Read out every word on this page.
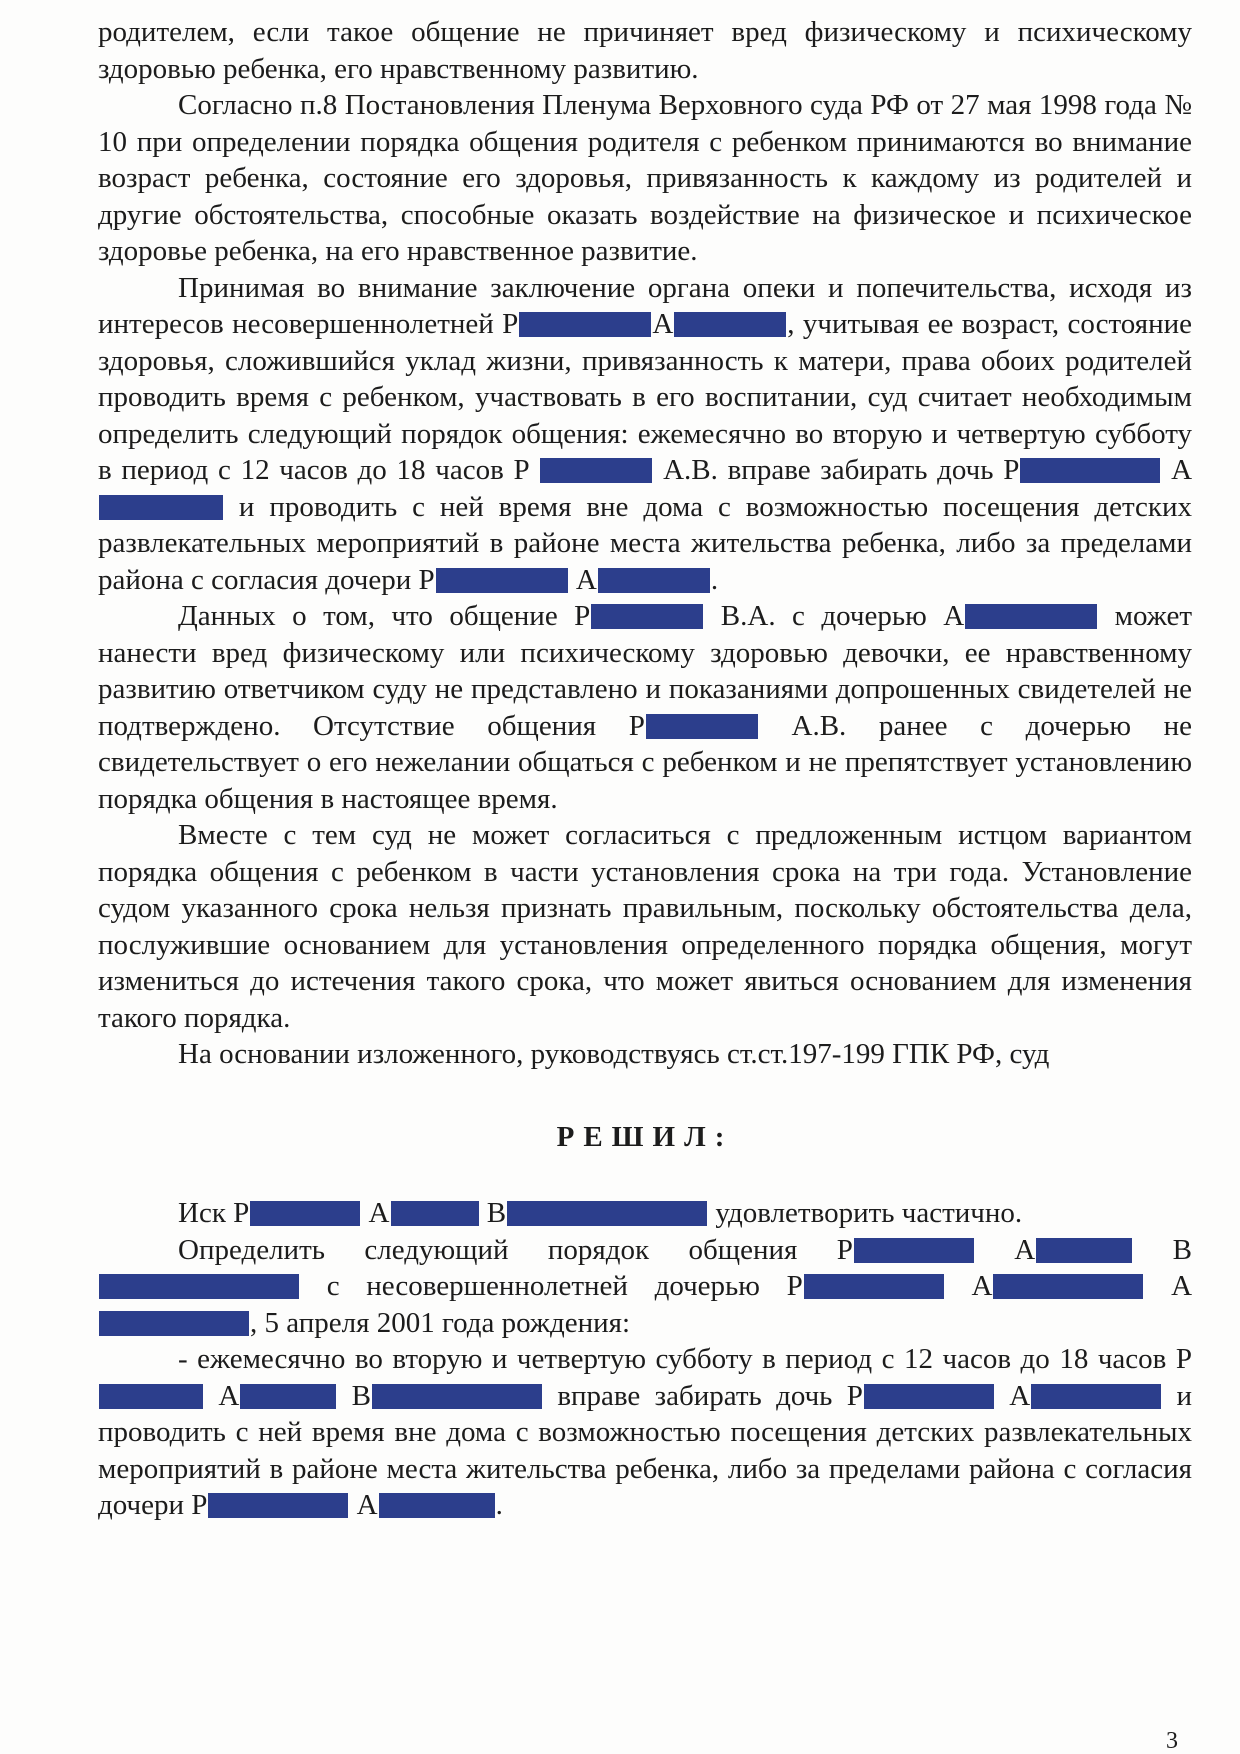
родителем, если такое общение не причиняет вред физическому и психическому здоровью ребенка, его нравственному развитию.

Согласно п.8 Постановления Пленума Верховного суда РФ от 27 мая 1998 года № 10 при определении порядка общения родителя с ребенком принимаются во внимание возраст ребенка, состояние его здоровья, привязанность к каждому из родителей и другие обстоятельства, способные оказать воздействие на физическое и психическое здоровье ребенка, на его нравственное развитие.

Принимая во внимание заключение органа опеки и попечительства, исходя из интересов несовершеннолетней Р	А	, учитывая ее возраст, состояние здоровья, сложившийся уклад жизни, привязанность к матери, права обоих родителей проводить время с ребенком, участвовать в его воспитании, суд считает необходимым определить следующий порядок общения: ежемесячно во вторую и четвертую субботу в период с 12 часов до 18 часов Р	А.В. вправе забирать дочь Р	А и проводить с ней время вне дома с возможностью посещения детских развлекательных мероприятий в районе места жительства ребенка, либо за пределами района с согласия дочери Р	А	.

Данных о том, что общение Р	В.А. с дочерью А	может нанести вред физическому или психическому здоровью девочки, ее нравственному развитию ответчиком суду не представлено и показаниями допрошенных свидетелей не подтверждено. Отсутствие общения Р	А.В. ранее с дочерью не свидетельствует о его нежелании общаться с ребенком и не препятствует установлению порядка общения в настоящее время.

Вместе с тем суд не может согласиться с предложенным истцом вариантом порядка общения с ребенком в части установления срока на три года. Установление судом указанного срока нельзя признать правильным, поскольку обстоятельства дела, послужившие основанием для установления определенного порядка общения, могут измениться до истечения такого срока, что может явиться основанием для изменения такого порядка.

На основании изложенного, руководствуясь ст.ст.197-199 ГПК РФ, суд

РЕШИЛ:

Иск Р	А	В	удовлетворить частично.

Определить следующий порядок общения Р	А	В с несовершеннолетней дочерью Р	А	А, 5 апреля 2001 года рождения:

- ежемесячно во вторую и четвертую субботу в период с 12 часов до 18 часов Р А	В	вправе забирать дочь Р	А	и проводить с ней время вне дома с возможностью посещения детских развлекательных мероприятий в районе места жительства ребенка, либо за пределами района с согласия дочери Р	А	.

3
